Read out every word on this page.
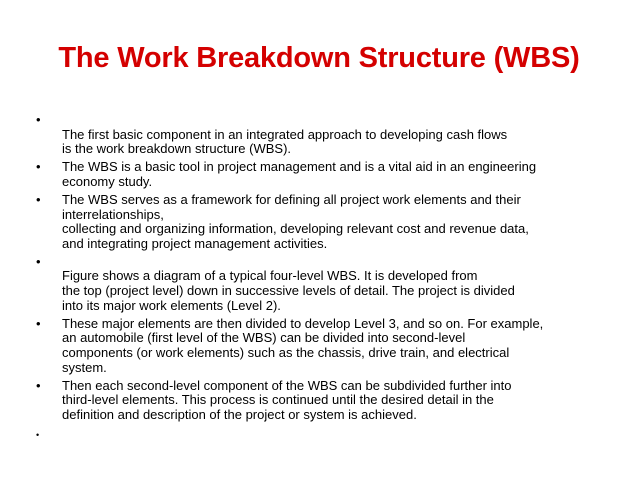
The Work Breakdown Structure (WBS)
•
The first basic component in an integrated approach to developing cash flows
is the work breakdown structure (WBS).
•	The WBS is a basic tool in project management and is a vital aid in an engineering
economy study.
•	The WBS serves as a framework for defining all project work elements and their
interrelationships,
collecting and organizing information, developing relevant cost and revenue data,
and integrating project management activities.
•
Figure shows a diagram of a typical four-level WBS. It is developed from
the top (project level) down in successive levels of detail. The project is divided
into its major work elements (Level 2).
•	These major elements are then divided to develop Level 3, and so on. For example,
an automobile (first level of the WBS) can be divided into second-level
components (or work elements) such as the chassis, drive train, and electrical
system.
•	Then each second-level component of the WBS can be subdivided further into
third-level elements. This process is continued until the desired detail in the
definition and description of the project or system is achieved.
•
